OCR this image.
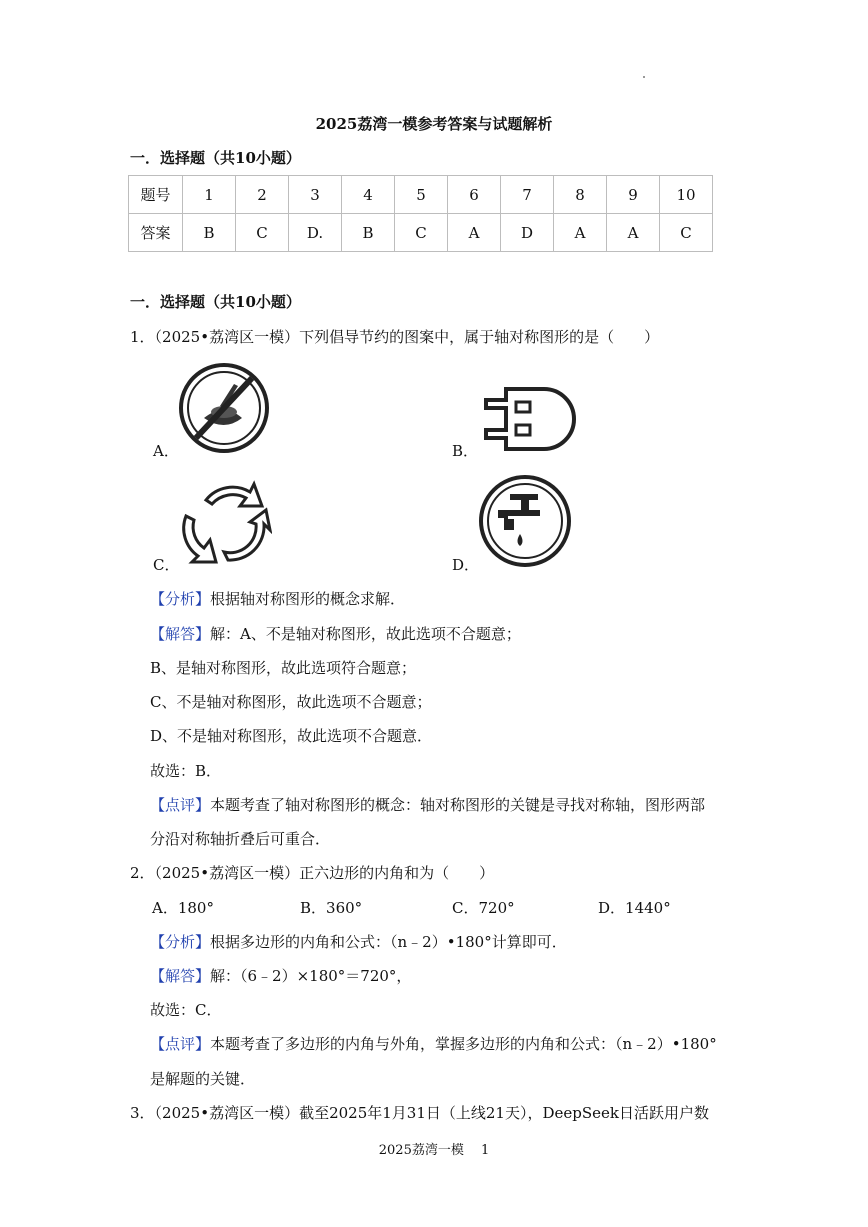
2025荔湾一模参考答案与试题解析
一．选择题（共10小题）
题号	1	2	3	4	5	6	7	8	9	10
答案	B	C	D.	B	C	A	D	A	A	C
一．选择题（共10小题）
1．（2025•荔湾区一模）下列倡导节约的图案中，属于轴对称图形的是（　　）
A．	B．
C．	D．
【分析】根据轴对称图形的概念求解．
【解答】解：A、不是轴对称图形，故此选项不合题意；
B、是轴对称图形，故此选项符合题意；
C、不是轴对称图形，故此选项不合题意；
D、不是轴对称图形，故此选项不合题意．
故选：B．
【点评】本题考查了轴对称图形的概念：轴对称图形的关键是寻找对称轴，图形两部
分沿对称轴折叠后可重合．
2．（2025•荔湾区一模）正六边形的内角和为（　　）
A．180°	B．360°	C．720°	D．1440°
【分析】根据多边形的内角和公式：（n﹣2）•180°计算即可．
【解答】解：（6﹣2）×180°＝720°，
故选：C．
【点评】本题考查了多边形的内角与外角，掌握多边形的内角和公式：（n﹣2）•180°
是解题的关键．
3．（2025•荔湾区一模）截至2025年1月31日（上线21天），DeepSeek日活跃用户数
2025荔湾一模　 1
